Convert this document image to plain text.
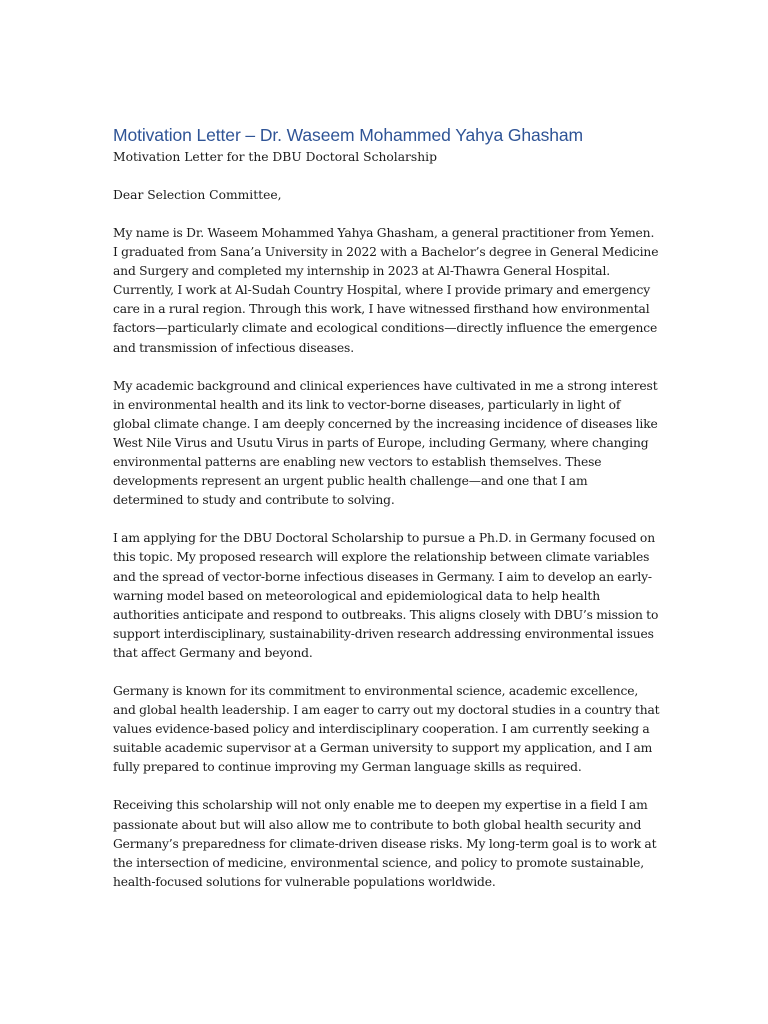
Motivation Letter – Dr. Waseem Mohammed Yahya Ghasham

Motivation Letter for the DBU Doctoral Scholarship

Dear Selection Committee,

My name is Dr. Waseem Mohammed Yahya Ghasham, a general practitioner from Yemen. I graduated from Sana’a University in 2022 with a Bachelor’s degree in General Medicine and Surgery and completed my internship in 2023 at Al-Thawra General Hospital. Currently, I work at Al-Sudah Country Hospital, where I provide primary and emergency care in a rural region. Through this work, I have witnessed firsthand how environmental factors—particularly climate and ecological conditions—directly influence the emergence and transmission of infectious diseases.

My academic background and clinical experiences have cultivated in me a strong interest in environmental health and its link to vector-borne diseases, particularly in light of global climate change. I am deeply concerned by the increasing incidence of diseases like West Nile Virus and Usutu Virus in parts of Europe, including Germany, where changing environmental patterns are enabling new vectors to establish themselves. These developments represent an urgent public health challenge—and one that I am determined to study and contribute to solving.

I am applying for the DBU Doctoral Scholarship to pursue a Ph.D. in Germany focused on this topic. My proposed research will explore the relationship between climate variables and the spread of vector-borne infectious diseases in Germany. I aim to develop an early-warning model based on meteorological and epidemiological data to help health authorities anticipate and respond to outbreaks. This aligns closely with DBU’s mission to support interdisciplinary, sustainability-driven research addressing environmental issues that affect Germany and beyond.

Germany is known for its commitment to environmental science, academic excellence, and global health leadership. I am eager to carry out my doctoral studies in a country that values evidence-based policy and interdisciplinary cooperation. I am currently seeking a suitable academic supervisor at a German university to support my application, and I am fully prepared to continue improving my German language skills as required.

Receiving this scholarship will not only enable me to deepen my expertise in a field I am passionate about but will also allow me to contribute to both global health security and Germany’s preparedness for climate-driven disease risks. My long-term goal is to work at the intersection of medicine, environmental science, and policy to promote sustainable, health-focused solutions for vulnerable populations worldwide.
